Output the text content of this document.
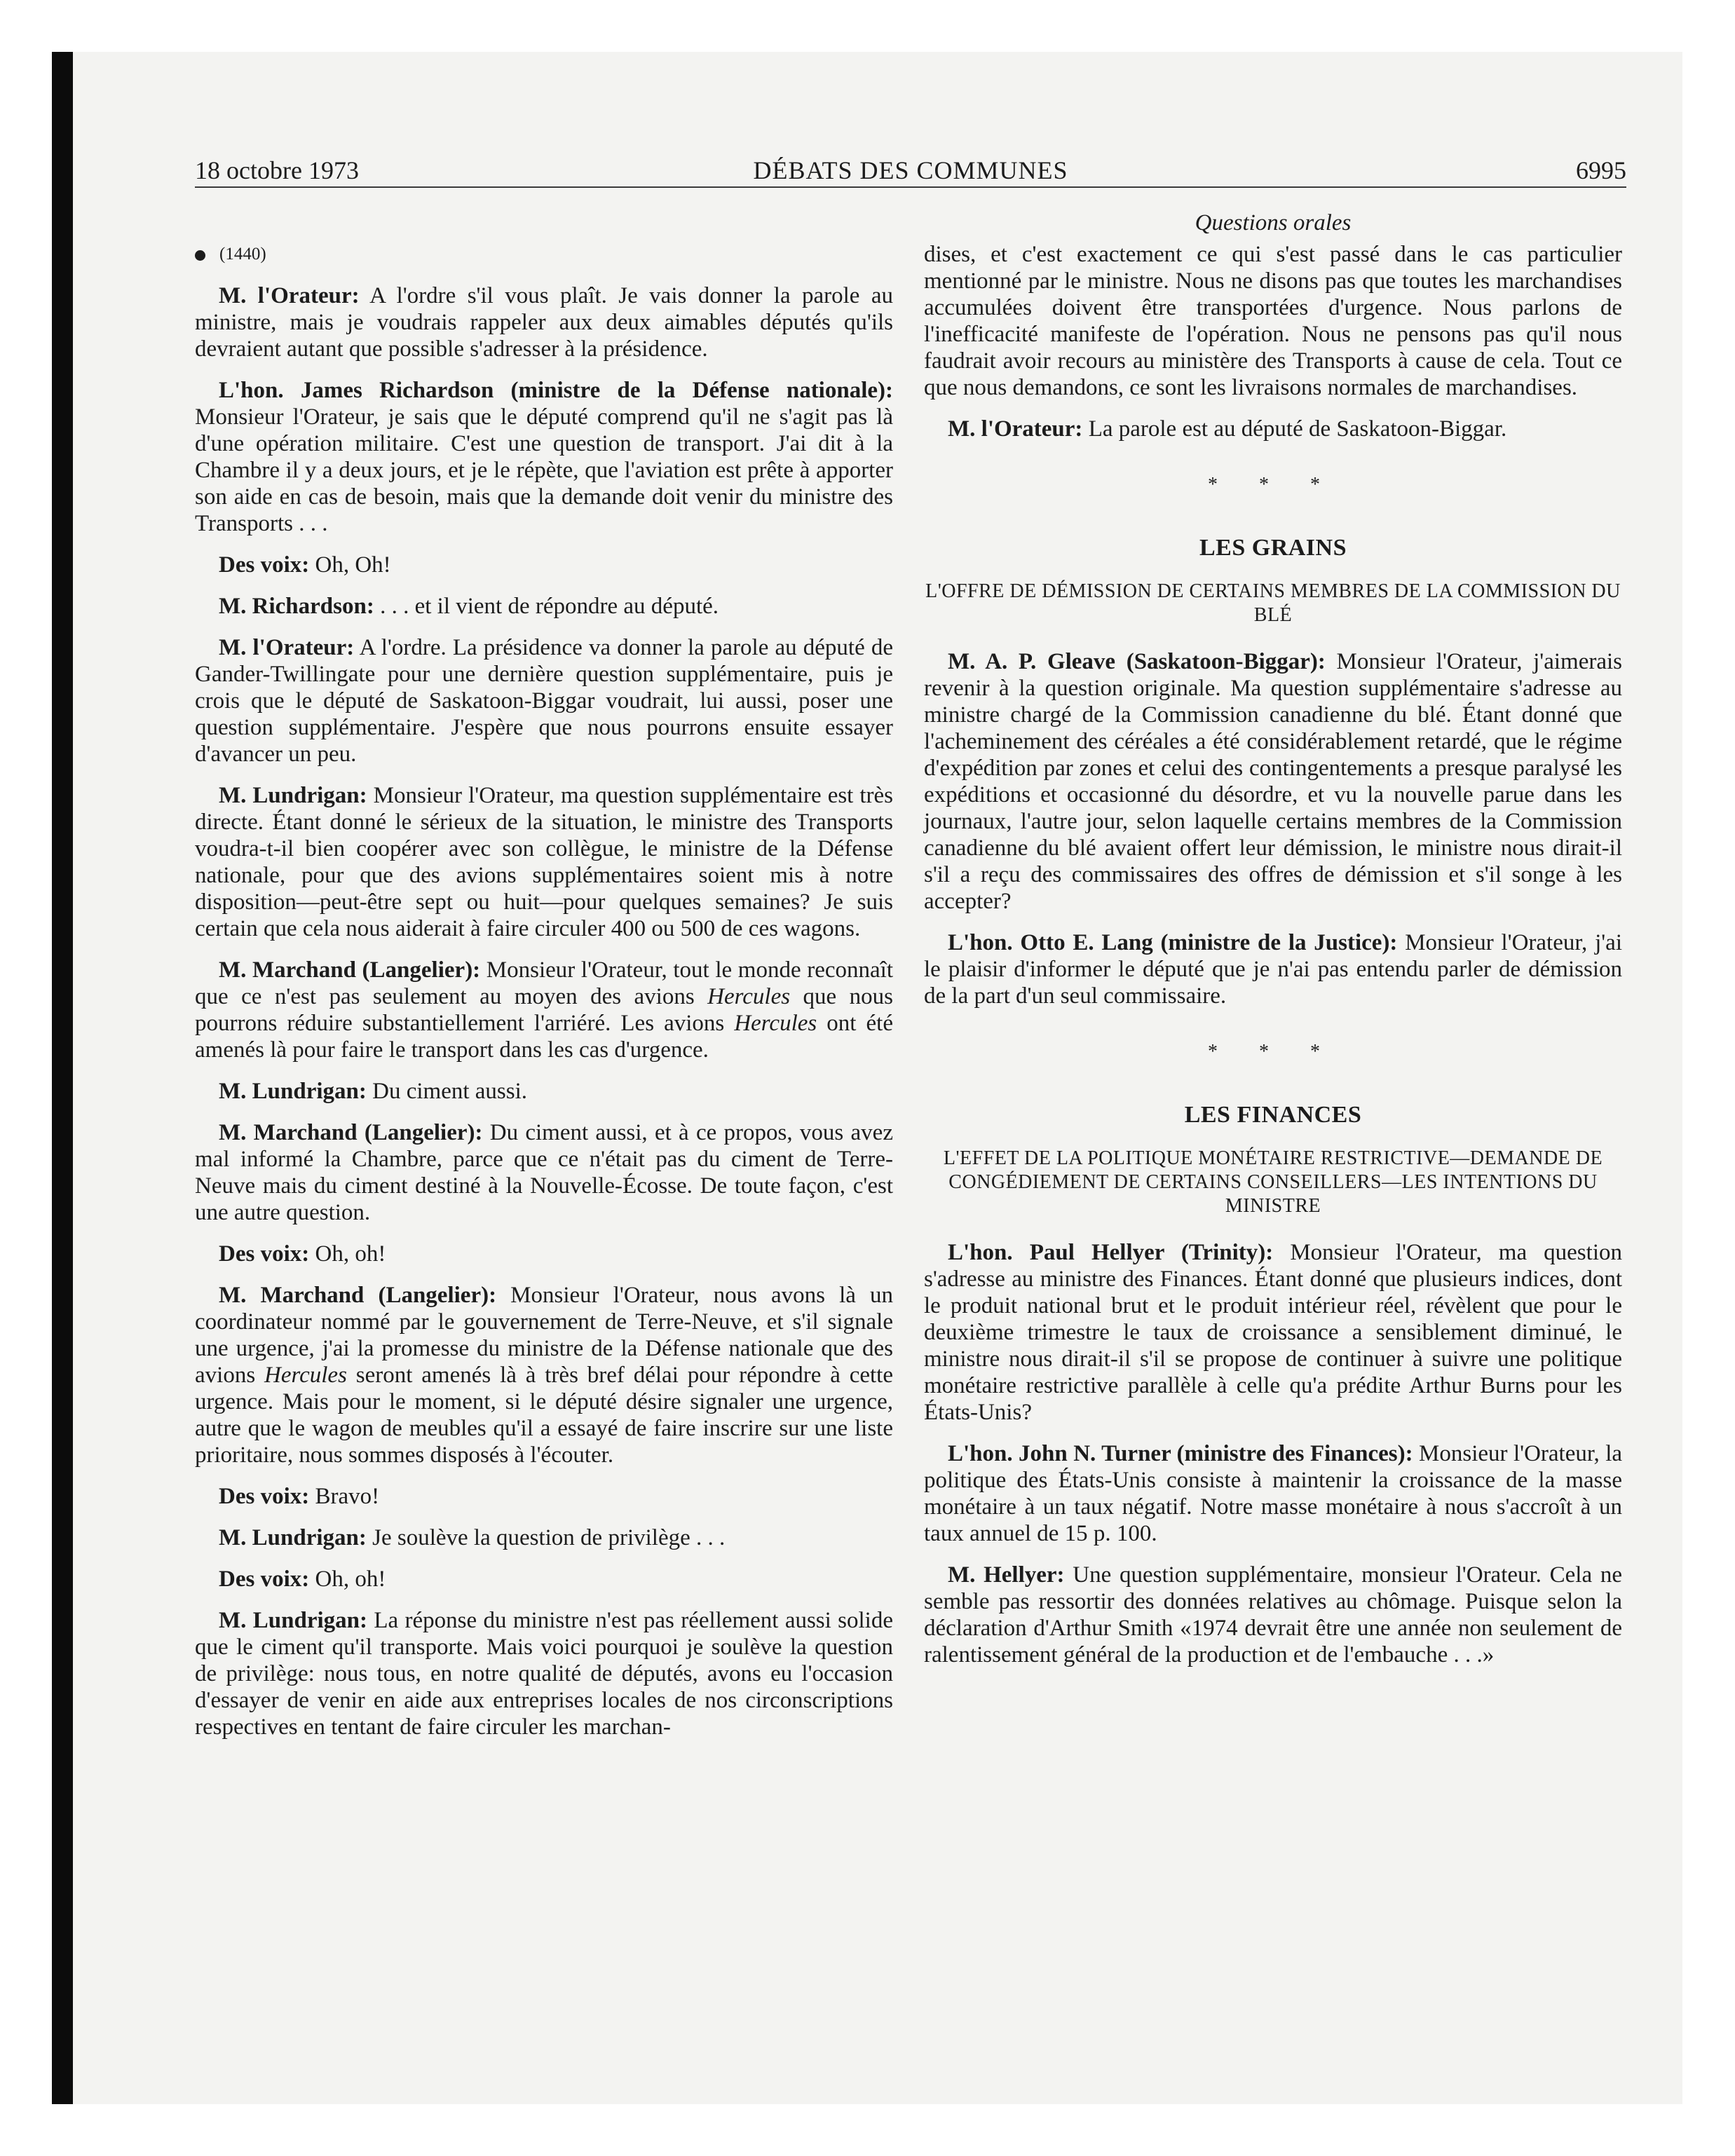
18 octobre 1973	DÉBATS DES COMMUNES	6995
Questions orales

(1440)

M. l'Orateur: A l'ordre s'il vous plaît. Je vais donner la parole au ministre, mais je voudrais rappeler aux deux aimables députés qu'ils devraient autant que possible s'adresser à la présidence.

L'hon. James Richardson (ministre de la Défense nationale): Monsieur l'Orateur, je sais que le député comprend qu'il ne s'agit pas là d'une opération militaire. C'est une question de transport. J'ai dit à la Chambre il y a deux jours, et je le répète, que l'aviation est prête à apporter son aide en cas de besoin, mais que la demande doit venir du ministre des Transports . . .

Des voix: Oh, Oh!

M. Richardson: . . . et il vient de répondre au député.

M. l'Orateur: A l'ordre. La présidence va donner la parole au député de Gander-Twillingate pour une dernière question supplémentaire, puis je crois que le député de Saskatoon-Biggar voudrait, lui aussi, poser une question supplémentaire. J'espère que nous pourrons ensuite essayer d'avancer un peu.

M. Lundrigan: Monsieur l'Orateur, ma question supplémentaire est très directe. Étant donné le sérieux de la situation, le ministre des Transports voudra-t-il bien coopérer avec son collègue, le ministre de la Défense nationale, pour que des avions supplémentaires soient mis à notre disposition—peut-être sept ou huit—pour quelques semaines? Je suis certain que cela nous aiderait à faire circuler 400 ou 500 de ces wagons.

M. Marchand (Langelier): Monsieur l'Orateur, tout le monde reconnaît que ce n'est pas seulement au moyen des avions Hercules que nous pourrons réduire substantiellement l'arriéré. Les avions Hercules ont été amenés là pour faire le transport dans les cas d'urgence.

M. Lundrigan: Du ciment aussi.

M. Marchand (Langelier): Du ciment aussi, et à ce propos, vous avez mal informé la Chambre, parce que ce n'était pas du ciment de Terre-Neuve mais du ciment destiné à la Nouvelle-Écosse. De toute façon, c'est une autre question.

Des voix: Oh, oh!

M. Marchand (Langelier): Monsieur l'Orateur, nous avons là un coordinateur nommé par le gouvernement de Terre-Neuve, et s'il signale une urgence, j'ai la promesse du ministre de la Défense nationale que des avions Hercules seront amenés là à très bref délai pour répondre à cette urgence. Mais pour le moment, si le député désire signaler une urgence, autre que le wagon de meubles qu'il a essayé de faire inscrire sur une liste prioritaire, nous sommes disposés à l'écouter.

Des voix: Bravo!

M. Lundrigan: Je soulève la question de privilège . . .

Des voix: Oh, oh!

M. Lundrigan: La réponse du ministre n'est pas réellement aussi solide que le ciment qu'il transporte. Mais voici pourquoi je soulève la question de privilège: nous tous, en notre qualité de députés, avons eu l'occasion d'essayer de venir en aide aux entreprises locales de nos circonscriptions respectives en tentant de faire circuler les marchan-

dises, et c'est exactement ce qui s'est passé dans le cas particulier mentionné par le ministre. Nous ne disons pas que toutes les marchandises accumulées doivent être transportées d'urgence. Nous parlons de l'inefficacité manifeste de l'opération. Nous ne pensons pas qu'il nous faudrait avoir recours au ministère des Transports à cause de cela. Tout ce que nous demandons, ce sont les livraisons normales de marchandises.

M. l'Orateur: La parole est au député de Saskatoon-Biggar.

* * *

LES GRAINS
L'OFFRE DE DÉMISSION DE CERTAINS MEMBRES DE LA COMMISSION DU BLÉ

M. A. P. Gleave (Saskatoon-Biggar): Monsieur l'Orateur, j'aimerais revenir à la question originale. Ma question supplémentaire s'adresse au ministre chargé de la Commission canadienne du blé. Étant donné que l'acheminement des céréales a été considérablement retardé, que le régime d'expédition par zones et celui des contingentements a presque paralysé les expéditions et occasionné du désordre, et vu la nouvelle parue dans les journaux, l'autre jour, selon laquelle certains membres de la Commission canadienne du blé avaient offert leur démission, le ministre nous dirait-il s'il a reçu des commissaires des offres de démission et s'il songe à les accepter?

L'hon. Otto E. Lang (ministre de la Justice): Monsieur l'Orateur, j'ai le plaisir d'informer le député que je n'ai pas entendu parler de démission de la part d'un seul commissaire.

* * *

LES FINANCES
L'EFFET DE LA POLITIQUE MONÉTAIRE RESTRICTIVE—DEMANDE DE CONGÉDIEMENT DE CERTAINS CONSEILLERS—LES INTENTIONS DU MINISTRE

L'hon. Paul Hellyer (Trinity): Monsieur l'Orateur, ma question s'adresse au ministre des Finances. Étant donné que plusieurs indices, dont le produit national brut et le produit intérieur réel, révèlent que pour le deuxième trimestre le taux de croissance a sensiblement diminué, le ministre nous dirait-il s'il se propose de continuer à suivre une politique monétaire restrictive parallèle à celle qu'a prédite Arthur Burns pour les États-Unis?

L'hon. John N. Turner (ministre des Finances): Monsieur l'Orateur, la politique des États-Unis consiste à maintenir la croissance de la masse monétaire à un taux négatif. Notre masse monétaire à nous s'accroît à un taux annuel de 15 p. 100.

M. Hellyer: Une question supplémentaire, monsieur l'Orateur. Cela ne semble pas ressortir des données relatives au chômage. Puisque selon la déclaration d'Arthur Smith «1974 devrait être une année non seulement de ralentissement général de la production et de l'embauche . . .»
